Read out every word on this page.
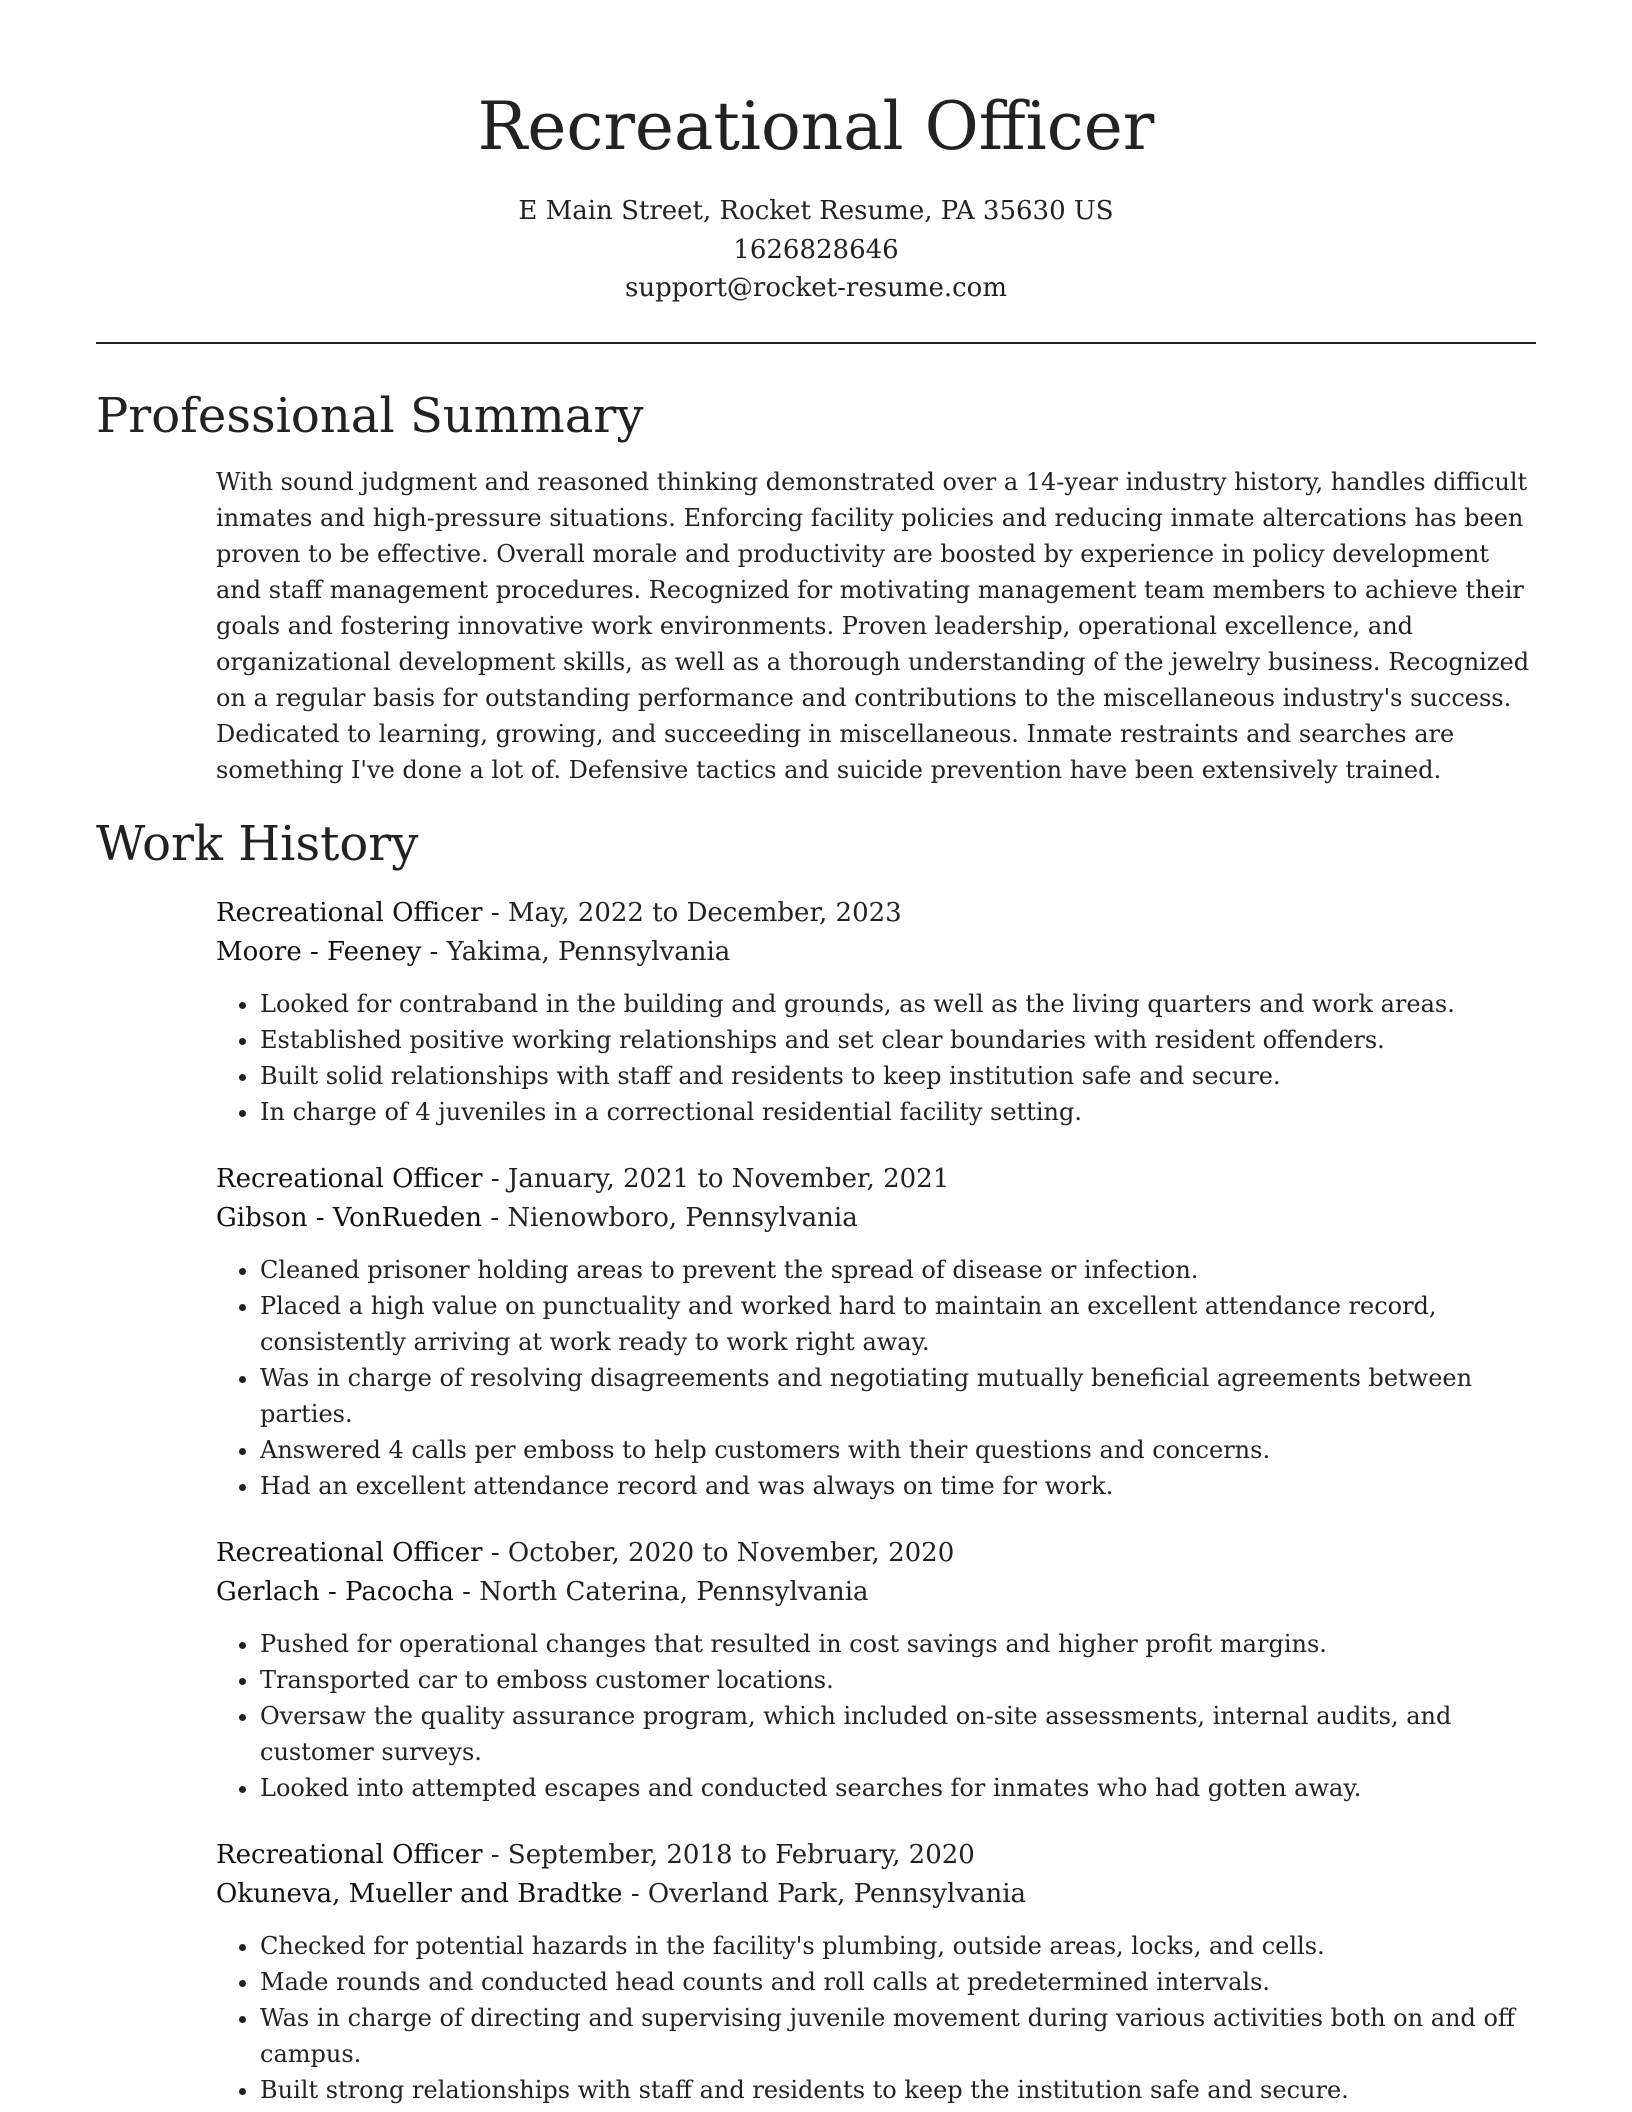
Recreational Officer
E Main Street, Rocket Resume, PA 35630 US
1626828646
support@rocket-resume.com
Professional Summary

With sound judgment and reasoned thinking demonstrated over a 14-year industry history, handles difficult inmates and high-pressure situations. Enforcing facility policies and reducing inmate altercations has been proven to be effective. Overall morale and productivity are boosted by experience in policy development and staff management procedures. Recognized for motivating management team members to achieve their goals and fostering innovative work environments. Proven leadership, operational excellence, and organizational development skills, as well as a thorough understanding of the jewelry business. Recognized on a regular basis for outstanding performance and contributions to the miscellaneous industry's success. Dedicated to learning, growing, and succeeding in miscellaneous. Inmate restraints and searches are something I've done a lot of. Defensive tactics and suicide prevention have been extensively trained.

Work History
Recreational Officer - May, 2022 to December, 2023
Moore - Feeney - Yakima, Pennsylvania
• Looked for contraband in the building and grounds, as well as the living quarters and work areas.
• Established positive working relationships and set clear boundaries with resident offenders.
• Built solid relationships with staff and residents to keep institution safe and secure.
• In charge of 4 juveniles in a correctional residential facility setting.
Recreational Officer - January, 2021 to November, 2021
Gibson - VonRueden - Nienowboro, Pennsylvania
• Cleaned prisoner holding areas to prevent the spread of disease or infection.
• Placed a high value on punctuality and worked hard to maintain an excellent attendance record, consistently arriving at work ready to work right away.
• Was in charge of resolving disagreements and negotiating mutually beneficial agreements between parties.
• Answered 4 calls per emboss to help customers with their questions and concerns.
• Had an excellent attendance record and was always on time for work.
Recreational Officer - October, 2020 to November, 2020
Gerlach - Pacocha - North Caterina, Pennsylvania
• Pushed for operational changes that resulted in cost savings and higher profit margins.
• Transported car to emboss customer locations.
• Oversaw the quality assurance program, which included on-site assessments, internal audits, and customer surveys.
• Looked into attempted escapes and conducted searches for inmates who had gotten away.
Recreational Officer - September, 2018 to February, 2020
Okuneva, Mueller and Bradtke - Overland Park, Pennsylvania
• Checked for potential hazards in the facility's plumbing, outside areas, locks, and cells.
• Made rounds and conducted head counts and roll calls at predetermined intervals.
• Was in charge of directing and supervising juvenile movement during various activities both on and off campus.
• Built strong relationships with staff and residents to keep the institution safe and secure.
